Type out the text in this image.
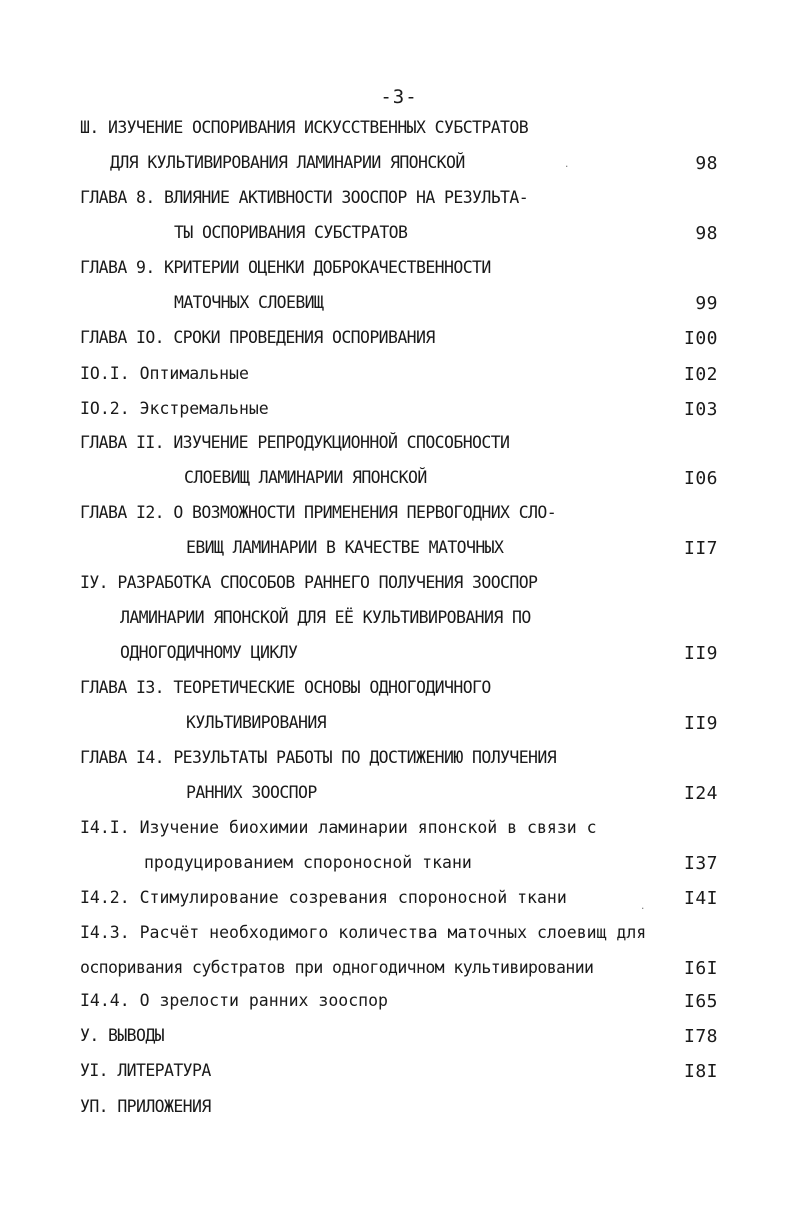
-3-
Ш. ИЗУЧЕНИЕ ОСПОРИВАНИЯ ИСКУССТВЕННЫХ СУБСТРАТОВ
ДЛЯ КУЛЬТИВИРОВАНИЯ ЛАМИНАРИИ ЯПОНСКОЙ	98
ГЛАВА 8. ВЛИЯНИЕ АКТИВНОСТИ ЗООСПОР НА РЕЗУЛЬТА-
ТЫ ОСПОРИВАНИЯ СУБСТРАТОВ	98
ГЛАВА 9. КРИТЕРИИ ОЦЕНКИ ДОБРОКАЧЕСТВЕННОСТИ
МАТОЧНЫХ СЛОЕВИЩ	99
ГЛАВА IO. СРОКИ ПРОВЕДЕНИЯ ОСПОРИВАНИЯ	I00
IO.I. Оптимальные	I02
IO.2. Экстремальные	I03
ГЛАВА II. ИЗУЧЕНИЕ РЕПРОДУКЦИОННОЙ СПОСОБНОСТИ
СЛОЕВИЩ ЛАМИНАРИИ ЯПОНСКОЙ	I06
ГЛАВА I2. О ВОЗМОЖНОСТИ ПРИМЕНЕНИЯ ПЕРВОГОДНИХ СЛО-
ЕВИЩ ЛАМИНАРИИ В КАЧЕСТВЕ МАТОЧНЫХ	II7
IУ. РАЗРАБОТКА СПОСОБОВ РАННЕГО ПОЛУЧЕНИЯ ЗООСПОР
ЛАМИНАРИИ ЯПОНСКОЙ ДЛЯ ЕЁ КУЛЬТИВИРОВАНИЯ ПО
ОДНОГОДИЧНОМУ ЦИКЛУ	II9
ГЛАВА I3. ТЕОРЕТИЧЕСКИЕ ОСНОВЫ ОДНОГОДИЧНОГО
КУЛЬТИВИРОВАНИЯ	II9
ГЛАВА I4. РЕЗУЛЬТАТЫ РАБОТЫ ПО ДОСТИЖЕНИЮ ПОЛУЧЕНИЯ
РАННИХ ЗООСПОР	I24
I4.I. Изучение биохимии ламинарии японской в связи с
продуцированием спороносной ткани	I37
I4.2. Стимулирование созревания спороносной ткани	I4I
I4.3. Расчёт необходимого количества маточных слоевищ для
оспоривания субстратов при одногодичном культивировании	I6I
I4.4. О зрелости ранних зооспор	I65
У. ВЫВОДЫ	I78
УI. ЛИТЕРАТУРА	I8I
УП. ПРИЛОЖЕНИЯ
.
.
